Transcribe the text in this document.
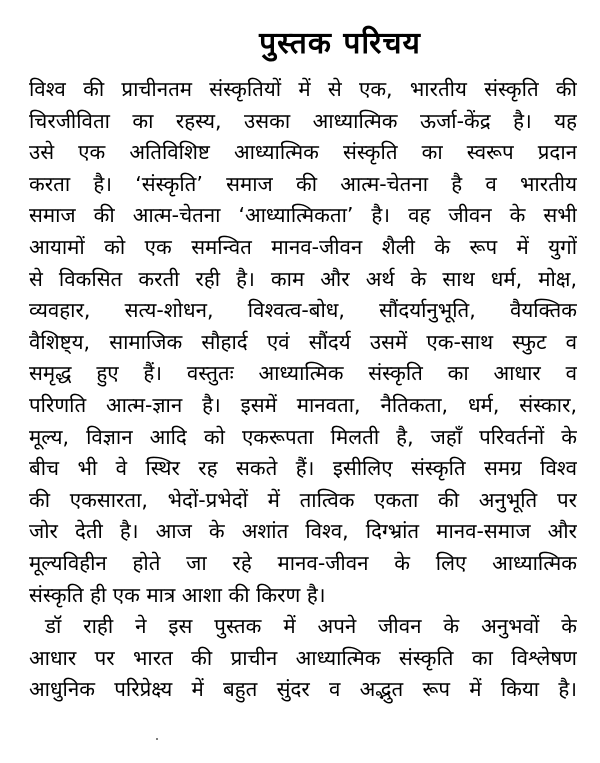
पुस्तक परिचय
विश्व की प्राचीनतम संस्कृतियों में से एक, भारतीय संस्कृति की
चिरजीविता का रहस्य, उसका आध्यात्मिक ऊर्जा-केंद्र है। यह
उसे एक अतिविशिष्ट आध्यात्मिक संस्कृति का स्वरूप प्रदान
करता है। ‘संस्कृति’ समाज की आत्म-चेतना है व भारतीय
समाज की आत्म-चेतना ‘आध्यात्मिकता’ है। वह जीवन के सभी
आयामों को एक समन्वित मानव-जीवन शैली के रूप में युगों
से विकसित करती रही है। काम और अर्थ के साथ धर्म, मोक्ष,
व्यवहार, सत्य-शोधन, विश्वत्व-बोध, सौंदर्यानुभूति, वैयक्तिक
वैशिष्ट्य, सामाजिक सौहार्द एवं सौंदर्य उसमें एक-साथ स्फुट व
समृद्ध हुए हैं। वस्तुतः आध्यात्मिक संस्कृति का आधार व
परिणति आत्म-ज्ञान है। इसमें मानवता, नैतिकता, धर्म, संस्कार,
मूल्य, विज्ञान आदि को एकरूपता मिलती है, जहाँ परिवर्तनों के
बीच भी वे स्थिर रह सकते हैं। इसीलिए संस्कृति समग्र विश्व
की एकसारता, भेदों-प्रभेदों में तात्विक एकता की अनुभूति पर
जोर देती है। आज के अशांत विश्व, दिग्भ्रांत मानव-समाज और
मूल्यविहीन होते जा रहे मानव-जीवन के लिए आध्यात्मिक
संस्कृति ही एक मात्र आशा की किरण है।
डॉ राही ने इस पुस्तक में अपने जीवन के अनुभवों के
आधार पर भारत की प्राचीन आध्यात्मिक संस्कृति का विश्लेषण
आधुनिक परिप्रेक्ष्य में बहुत सुंदर व अद्भुत रूप में किया है।
